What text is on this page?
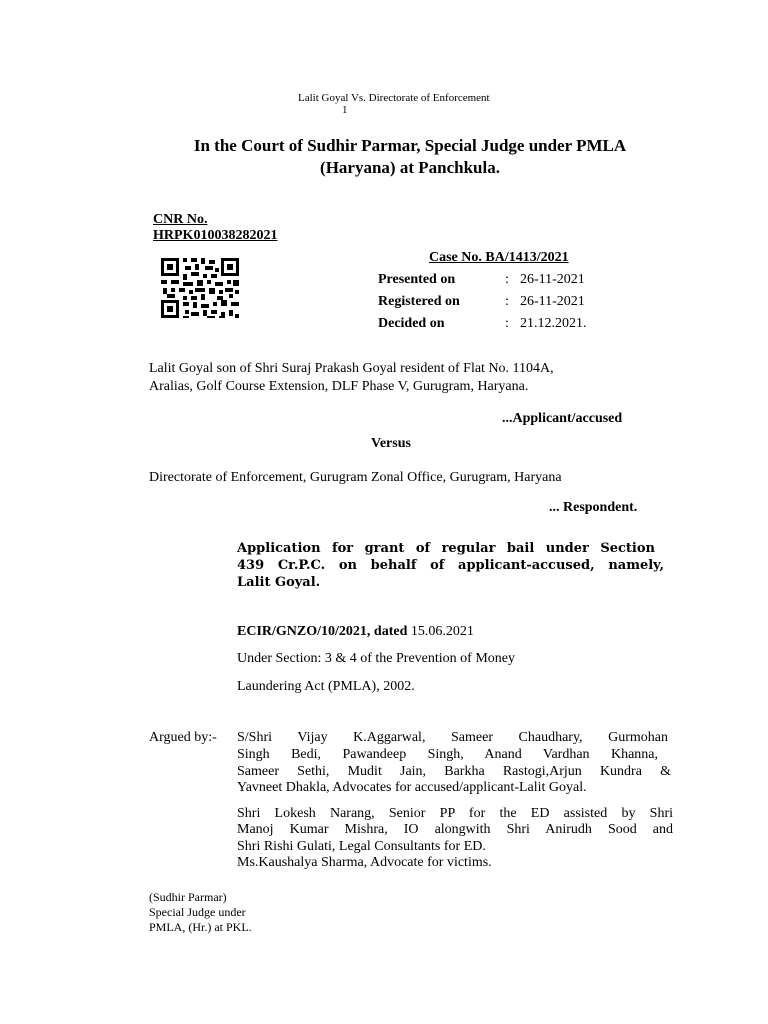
Lalit Goyal Vs. Directorate of Enforcement
1
In the Court of Sudhir Parmar, Special Judge under PMLA
(Haryana) at Panchkula.
CNR No.
HRPK010038282021
Case No. BA/1413/2021
Presented on	: 26-11-2021
Registered on	: 26-11-2021
Decided on	: 21.12.2021.
Lalit Goyal son of Shri Suraj Prakash Goyal resident of Flat No. 1104A,
Aralias, Golf Course Extension, DLF Phase V, Gurugram, Haryana.
...Applicant/accused
Versus
Directorate of Enforcement, Gurugram Zonal Office, Gurugram, Haryana
... Respondent.
Application for grant of regular bail under Section
439 Cr.P.C. on behalf of applicant-accused, namely,
Lalit Goyal.
ECIR/GNZO/10/2021, dated 15.06.2021
Under Section: 3 & 4 of the Prevention of Money
Laundering Act (PMLA), 2002.
Argued by:- S/Shri Vijay K.Aggarwal, Sameer Chaudhary, Gurmohan
Singh Bedi, Pawandeep Singh, Anand Vardhan Khanna,
Sameer Sethi, Mudit Jain, Barkha Rastogi,Arjun Kundra &
Yavneet Dhakla, Advocates for accused/applicant-Lalit Goyal.
Shri Lokesh Narang, Senior PP for the ED assisted by Shri
Manoj Kumar Mishra, IO alongwith Shri Anirudh Sood and
Shri Rishi Gulati, Legal Consultants for ED.
Ms.Kaushalya Sharma, Advocate for victims.
(Sudhir Parmar)
Special Judge under
PMLA, (Hr.) at PKL.
